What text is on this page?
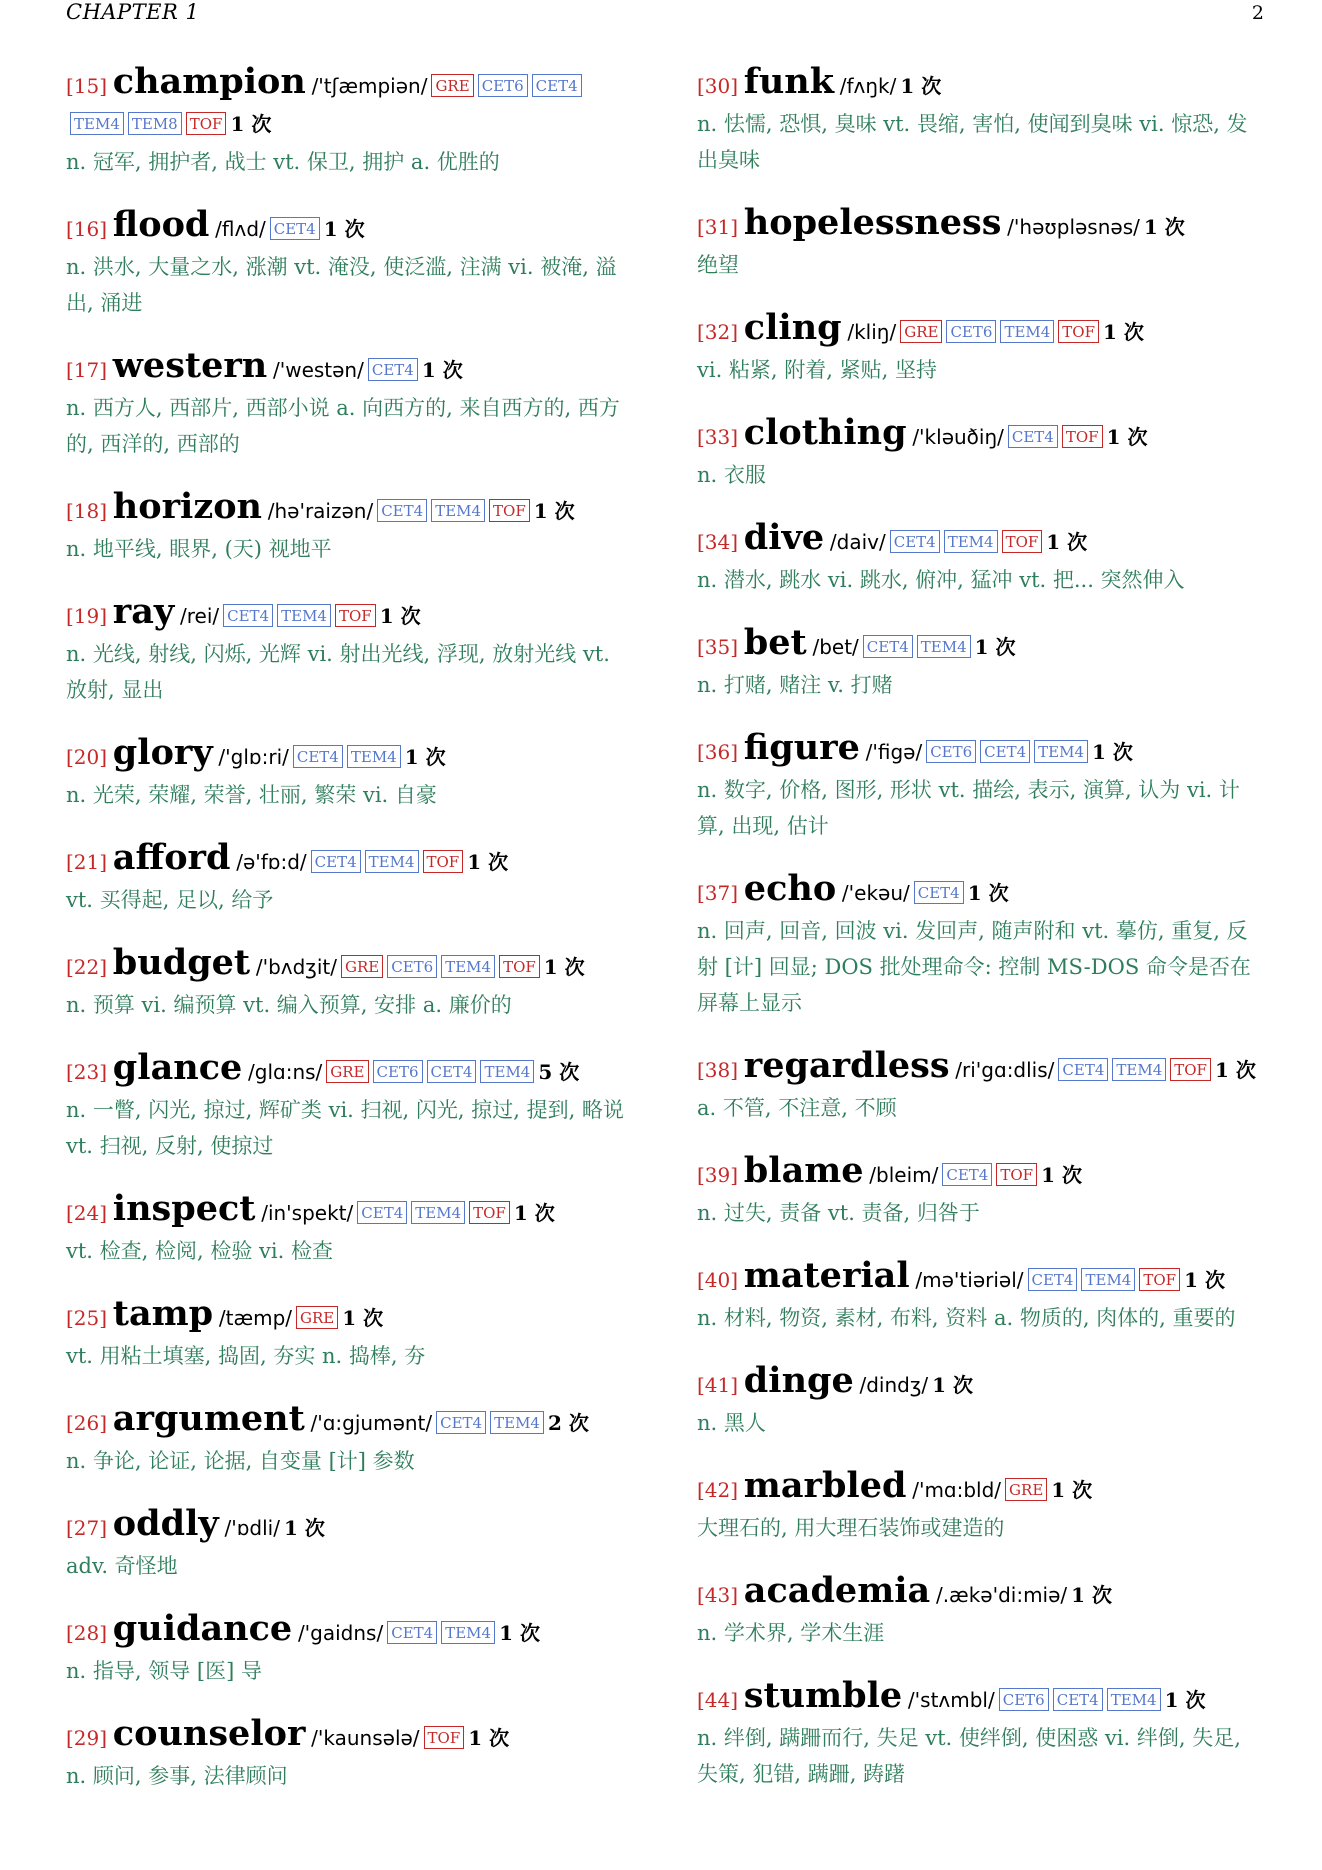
CHAPTER 1	2
[15] champion /'tʃæmpiən/ GRE CET6 CET4TEM4 TEM8 TOF 1 次
n. 冠军, 拥护者, 战士 vt. 保卫, 拥护 a. 优胜的
[16] flood /flʌd/ CET4 1 次
n. 洪水, 大量之水, 涨潮 vt. 淹没, 使泛滥, 注满 vi. 被淹, 溢出, 涌进
[17] western /'westən/ CET4 1 次
n. 西方人, 西部片, 西部小说 a. 向西方的, 来自西方的, 西方的, 西洋的, 西部的
[18] horizon /hə'raizən/ CET4 TEM4 TOF 1 次
n. 地平线, 眼界, (天) 视地平
[19] ray /rei/ CET4 TEM4 TOF 1 次
n. 光线, 射线, 闪烁, 光辉 vi. 射出光线, 浮现, 放射光线 vt. 放射, 显出
[20] glory /'glɒ:ri/ CET4 TEM4 1 次
n. 光荣, 荣耀, 荣誉, 壮丽, 繁荣 vi. 自豪
[21] afford /ə'fɒ:d/ CET4 TEM4 TOF 1 次
vt. 买得起, 足以, 给予
[22] budget /'bʌdʒit/ GRE CET6 TEM4 TOF 1 次
n. 预算 vi. 编预算 vt. 编入预算, 安排 a. 廉价的
[23] glance /glɑ:ns/ GRE CET6 CET4 TEM4 5 次
n. 一瞥, 闪光, 掠过, 辉矿类 vi. 扫视, 闪光, 掠过, 提到, 略说 vt. 扫视, 反射, 使掠过
[24] inspect /in'spekt/ CET4 TEM4 TOF 1 次
vt. 检查, 检阅, 检验 vi. 检查
[25] tamp /tæmp/ GRE 1 次
vt. 用粘土填塞, 捣固, 夯实 n. 捣棒, 夯
[26] argument /'ɑ:gjumənt/ CET4 TEM4 2 次
n. 争论, 论证, 论据, 自变量 [计] 参数
[27] oddly /'ɒdli/ 1 次
adv. 奇怪地
[28] guidance /'gaidns/ CET4 TEM4 1 次
n. 指导, 领导 [医] 导
[29] counselor /'kaunsələ/ TOF 1 次
n. 顾问, 参事, 法律顾问
[30] funk /fʌŋk/ 1 次
n. 怯懦, 恐惧, 臭味 vt. 畏缩, 害怕, 使闻到臭味 vi. 惊恐, 发出臭味
[31] hopelessness /'həʊpləsnəs/ 1 次
绝望
[32] cling /kliŋ/ GRE CET6 TEM4 TOF 1 次
vi. 粘紧, 附着, 紧贴, 坚持
[33] clothing /'kləuðiŋ/ CET4 TOF 1 次
n. 衣服
[34] dive /daiv/ CET4 TEM4 TOF 1 次
n. 潜水, 跳水 vi. 跳水, 俯冲, 猛冲 vt. 把... 突然伸入
[35] bet /bet/ CET4 TEM4 1 次
n. 打赌, 赌注 v. 打赌
[36] figure /'figə/ CET6 CET4 TEM4 1 次
n. 数字, 价格, 图形, 形状 vt. 描绘, 表示, 演算, 认为 vi. 计算, 出现, 估计
[37] echo /'ekəu/ CET4 1 次
n. 回声, 回音, 回波 vi. 发回声, 随声附和 vt. 摹仿, 重复, 反射 [计] 回显; DOS 批处理命令: 控制 MS-DOS 命令是否在屏幕上显示
[38] regardless /ri'gɑ:dlis/ CET4 TEM4 TOF 1 次
a. 不管, 不注意, 不顾
[39] blame /bleim/ CET4 TOF 1 次
n. 过失, 责备 vt. 责备, 归咎于
[40] material /mə'tiəriəl/ CET4 TEM4 TOF 1 次
n. 材料, 物资, 素材, 布料, 资料 a. 物质的, 肉体的, 重要的
[41] dinge /dindʒ/ 1 次
n. 黑人
[42] marbled /'mɑ:bld/ GRE 1 次
大理石的, 用大理石装饰或建造的
[43] academia /.ækə'di:miə/ 1 次
n. 学术界, 学术生涯
[44] stumble /'stʌmbl/ CET6 CET4 TEM4 1 次
n. 绊倒, 蹒跚而行, 失足 vt. 使绊倒, 使困惑 vi. 绊倒, 失足, 失策, 犯错, 蹒跚, 踌躇
